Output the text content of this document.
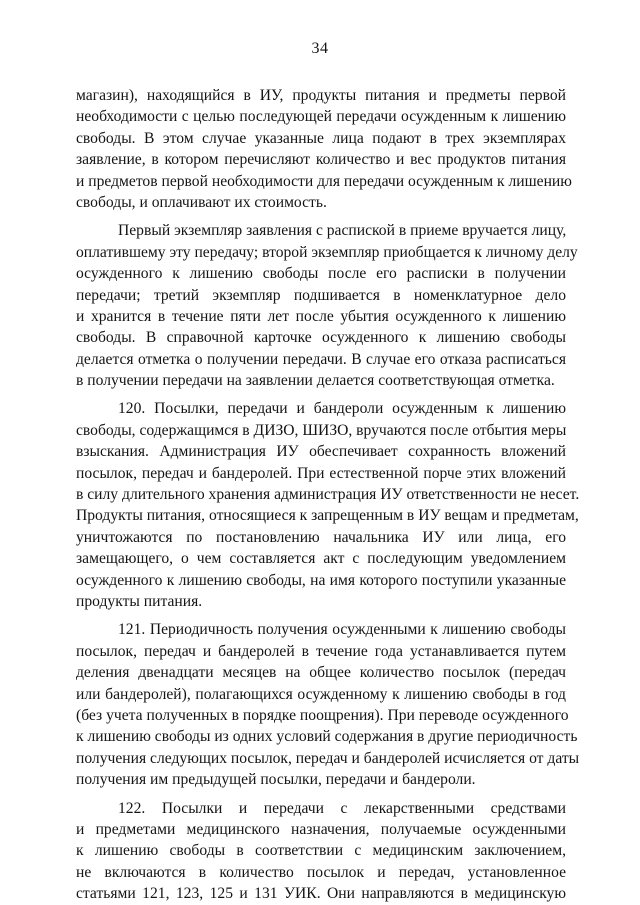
34
магазин), находящийся в ИУ, продукты питания и предметы первой
необходимости с целью последующей передачи осужденным к лишению
свободы. В этом случае указанные лица подают в трех экземплярах
заявление, в котором перечисляют количество и вес продуктов питания
и предметов первой необходимости для передачи осужденным к лишению
свободы, и оплачивают их стоимость.
Первый экземпляр заявления с распиской в приеме вручается лицу,
оплатившему эту передачу; второй экземпляр приобщается к личному делу
осужденного к лишению свободы после его расписки в получении
передачи; третий экземпляр подшивается в номенклатурное дело
и хранится в течение пяти лет после убытия осужденного к лишению
свободы. В справочной карточке осужденного к лишению свободы
делается отметка о получении передачи. В случае его отказа расписаться
в получении передачи на заявлении делается соответствующая отметка.
120. Посылки, передачи и бандероли осужденным к лишению
свободы, содержащимся в ДИЗО, ШИЗО, вручаются после отбытия меры
взыскания. Администрация ИУ обеспечивает сохранность вложений
посылок, передач и бандеролей. При естественной порче этих вложений
в силу длительного хранения администрация ИУ ответственности не несет.
Продукты питания, относящиеся к запрещенным в ИУ вещам и предметам,
уничтожаются по постановлению начальника ИУ или лица, его
замещающего, о чем составляется акт с последующим уведомлением
осужденного к лишению свободы, на имя которого поступили указанные
продукты питания.
121. Периодичность получения осужденными к лишению свободы
посылок, передач и бандеролей в течение года устанавливается путем
деления двенадцати месяцев на общее количество посылок (передач
или бандеролей), полагающихся осужденному к лишению свободы в год
(без учета полученных в порядке поощрения). При переводе осужденного
к лишению свободы из одних условий содержания в другие периодичность
получения следующих посылок, передач и бандеролей исчисляется от даты
получения им предыдущей посылки, передачи и бандероли.
122. Посылки и передачи с лекарственными средствами
и предметами медицинского назначения, получаемые осужденными
к лишению свободы в соответствии с медицинским заключением,
не включаются в количество посылок и передач, установленное
статьями 121, 123, 125 и 131 УИК. Они направляются в медицинскую
